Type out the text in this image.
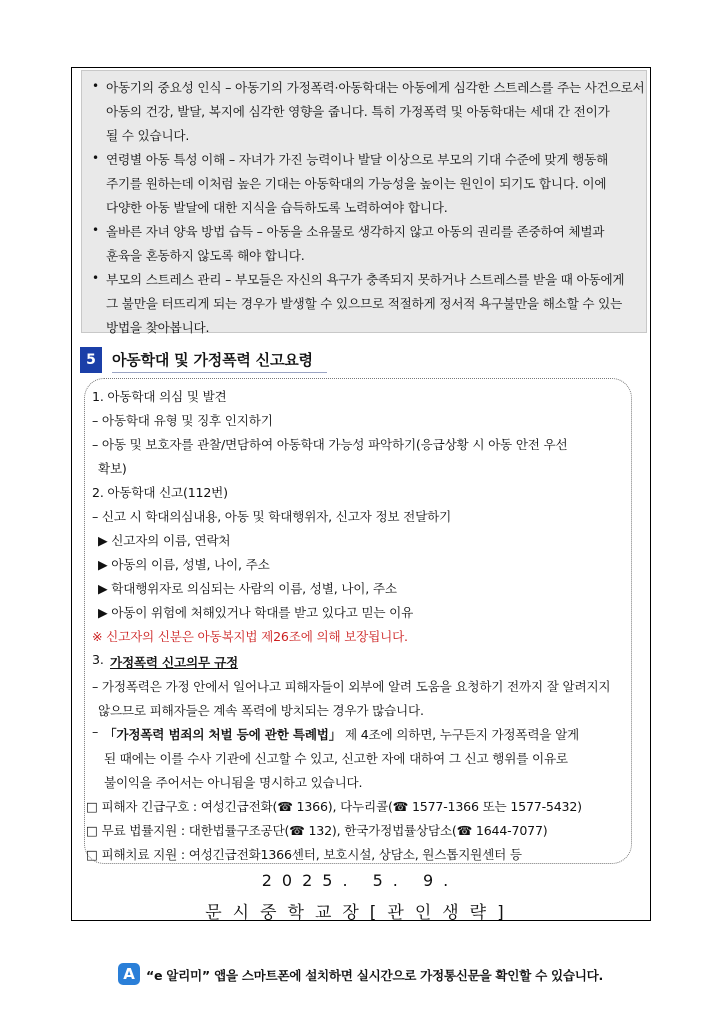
• 아동기의 중요성 인식 – 아동기의 가정폭력·아동학대는 아동에게 심각한 스트레스를 주는 사건으로서
아동의 건강, 발달, 복지에 심각한 영향을 줍니다. 특히 가정폭력 및 아동학대는 세대 간 전이가
될 수 있습니다.
• 연령별 아동 특성 이해 – 자녀가 가진 능력이나 발달 이상으로 부모의 기대 수준에 맞게 행동해
주기를 원하는데 이처럼 높은 기대는 아동학대의 가능성을 높이는 원인이 되기도 합니다. 이에
다양한 아동 발달에 대한 지식을 습득하도록 노력하여야 합니다.
• 올바른 자녀 양육 방법 습득 – 아동을 소유물로 생각하지 않고 아동의 권리를 존중하여 체벌과
훈육을 혼동하지 않도록 해야 합니다.
• 부모의 스트레스 관리 – 부모들은 자신의 욕구가 충족되지 못하거나 스트레스를 받을 때 아동에게
그 불만을 터뜨리게 되는 경우가 발생할 수 있으므로 적절하게 정서적 욕구불만을 해소할 수 있는
방법을 찾아봅니다.
5	아동학대 및 가정폭력 신고요령
1. 아동학대 의심 및 발견
– 아동학대 유형 및 징후 인지하기
– 아동 및 보호자를 관찰/면담하여 아동학대 가능성 파악하기(응급상황 시 아동 안전 우선
확보)
2. 아동학대 신고(112번)
– 신고 시 학대의심내용, 아동 및 학대행위자, 신고자 정보 전달하기
▶ 신고자의 이름, 연락처
▶ 아동의 이름, 성별, 나이, 주소
▶ 학대행위자로 의심되는 사람의 이름, 성별, 나이, 주소
▶ 아동이 위험에 처해있거나 학대를 받고 있다고 믿는 이유
※ 신고자의 신분은 아동복지법 제26조에 의해 보장됩니다.
3. 가정폭력 신고의무 규정
– 가정폭력은 가정 안에서 일어나고 피해자들이 외부에 알려 도움을 요청하기 전까지 잘 알려지지
않으므로 피해자들은 계속 폭력에 방치되는 경우가 많습니다.
– 「가정폭력 범죄의 처벌 등에 관한 특례법」 제 4조에 의하면, 누구든지 가정폭력을 알게
된 때에는 이를 수사 기관에 신고할 수 있고, 신고한 자에 대하여 그 신고 행위를 이유로
불이익을 주어서는 아니됨을 명시하고 있습니다.
□ 피해자 긴급구호 : 여성긴급전화(☎ 1366), 다누리콜(☎ 1577-1366 또는 1577-5432)
□ 무료 법률지원 : 대한법률구조공단(☎ 132), 한국가정법률상담소(☎ 1644-7077)
□ 피해치료 지원 : 여성긴급전화1366센터, 보호시설, 상담소, 원스톱지원센터 등
2025. 5. 9.
문시중학교장[관인생략]
A “e 알리미” 앱을 스마트폰에 설치하면 실시간으로 가정통신문을 확인할 수 있습니다.
